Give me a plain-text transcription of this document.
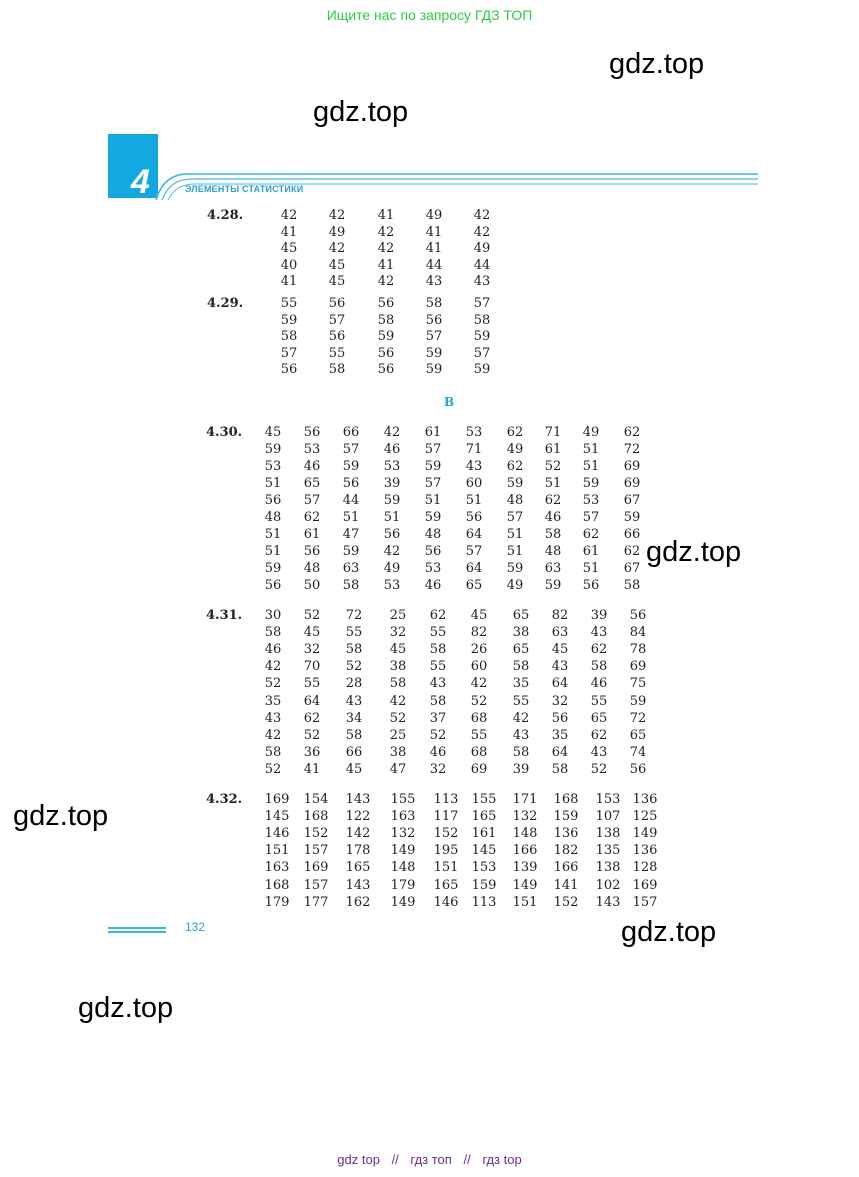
Ищите нас по запросу ГДЗ ТОП
gdz.top
gdz.top
gdz.top
gdz.top
gdz.top
gdz.top
4	ЭЛЕМЕНТЫ СТАТИСТИКИ
4.28.	42 42 41 49 42
41 49 42 41 42
45 42 42 41 49
40 45 41 44 44
41 45 42 43 43
4.29.	55 56 56 58 57
59 57 58 56 58
58 56 59 57 59
57 55 56 59 57
56 58 56 59 59
4.30. 45 56 66 42 61 53 62 71 49 62
59 53 57 46 57 71 49 61 51 72
53 46 59 53 59 43 62 52 51 69
51 65 56 39 57 60 59 51 59 69
56 57 44 59 51 51 48 62 53 67
48 62 51 51 59 56 57 46 57 59
51 61 47 56 48 64 51 58 62 66
51 56 59 42 56 57 51 48 61 62
59 48 63 49 53 64 59 63 51 67
56 50 58 53 46 65 49 59 56 58
4.31. 30 52 72 25 62 45 65 82 39 56
58 45 55 32 55 82 38 63 43 84
46 32 58 45 58 26 65 45 62 78
42 70 52 38 55 60 58 43 58 69
52 55 28 58 43 42 35 64 46 75
35 64 43 42 58 52 55 32 55 59
43 62 34 52 37 68 42 56 65 72
42 52 58 25 52 55 43 35 62 65
58 36 66 38 46 68 58 64 43 74
52 41 45 47 32 69 39 58 52 56
4.32. 169 154 143 155 113 155 171 168 153 136
145 168 122 163 117 165 132 159 107 125
146 152 142 132 152 161 148 136 138 149
151 157 178 149 195 145 166 182 135 136
163 169 165 148 151 153 139 166 138 128
168 157 143 179 165 159 149 141 102 169
179 177 162 149 146 113 151 152 143 157
В
132
gdz top // гдз топ // гдз top
